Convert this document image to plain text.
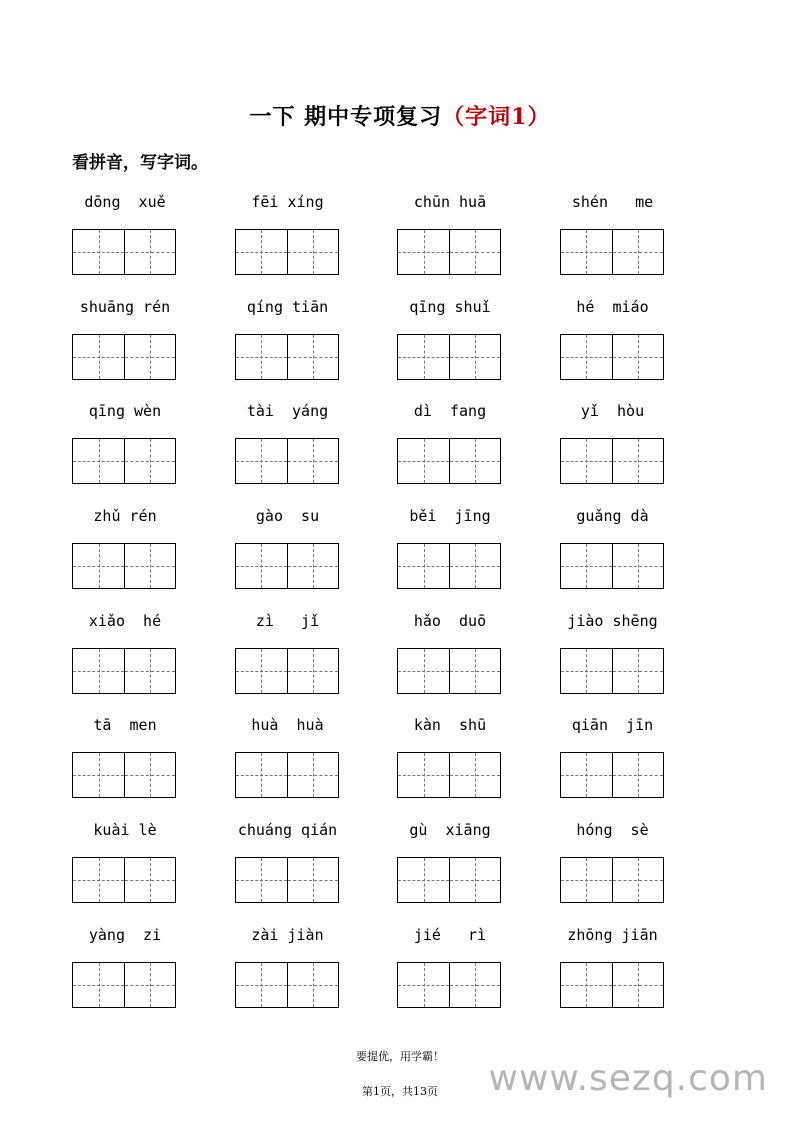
一下 期中专项复习（字词1）
看拼音，写字词。
dōng  xuě	fēi xíng	chūn huā	shén   me
shuāng rén	qíng tiān	qīng shuǐ	hé  miáo
qīng wèn	tài  yáng	dì  fang	yǐ  hòu
zhǔ rén	gào  su	běi  jīng	guǎng dà
xiǎo  hé	zì   jǐ	hǎo  duō	jiào shēng
tā  men	huà  huà	kàn  shū	qiān  jīn
kuài lè	chuáng qián	gù  xiāng	hóng  sè
yàng  zi	zài jiàn	jié   rì	zhōng jiān
要提优，用学霸！
第1页，共13页	www.sezq.com
